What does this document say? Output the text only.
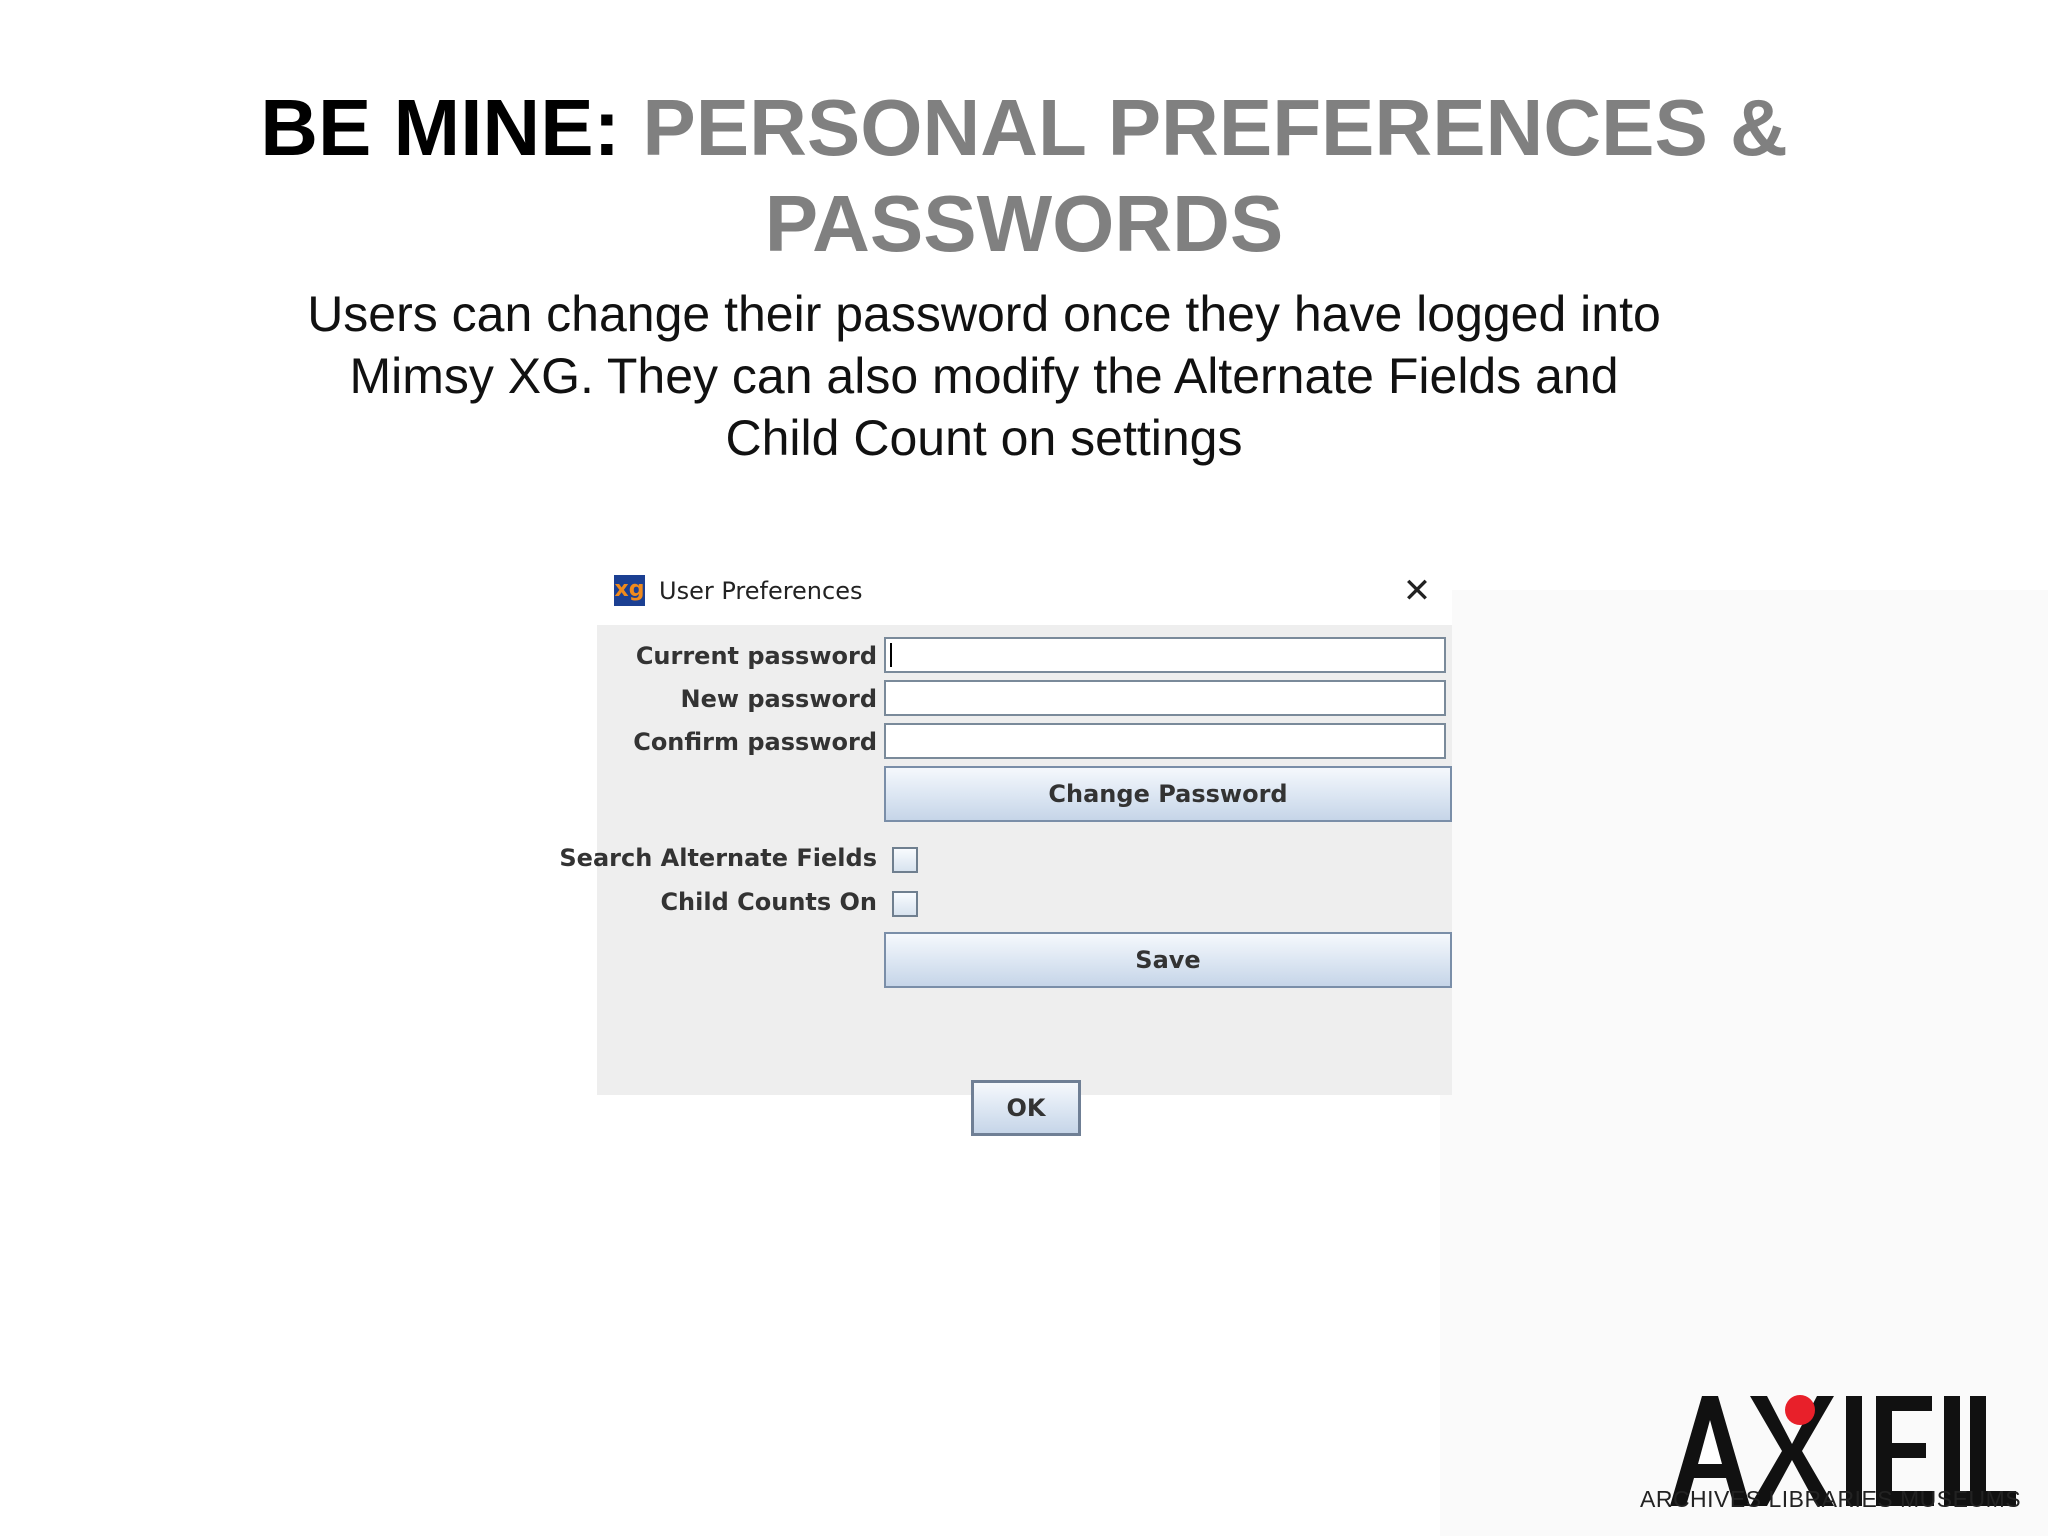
BE MINE: PERSONAL PREFERENCES & PASSWORDS
Users can change their password once they have logged into Mimsy XG. They can also modify the Alternate Fields and Child Count on settings
xg User Preferences	✕
Current password
New password
Confirm password
Change Password
Search Alternate Fields
Child Counts On
Save
OK
ARCHIVES LIBRARIES MUSEUMS
